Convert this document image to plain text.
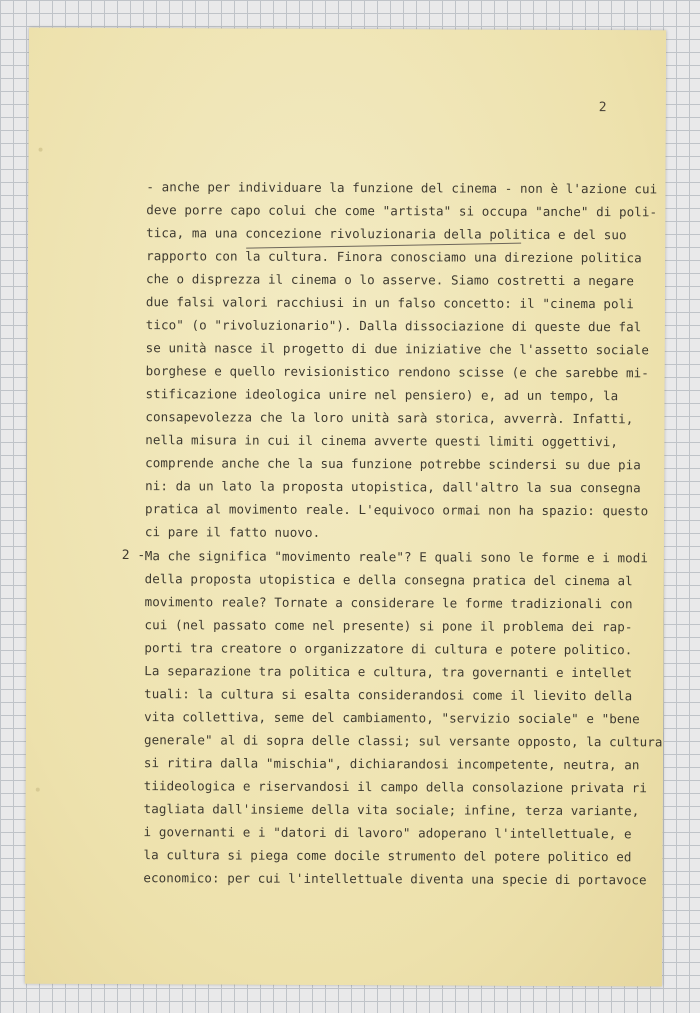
2
- anche per individuare la funzione del cinema - non è l'azione cui
deve porre capo colui che come "artista" si occupa "anche" di poli-
tica, ma una concezione rivoluzionaria della politica e del suo
rapporto con la cultura. Finora conosciamo una direzione politica
che o disprezza il cinema o lo asserve. Siamo costretti a negare
due falsi valori racchiusi in un falso concetto: il "cinema poli
tico" (o "rivoluzionario"). Dalla dissociazione di queste due fal
se unità nasce il progetto di due iniziative che l'assetto sociale
borghese e quello revisionistico rendono scisse (e che sarebbe mi-
stificazione ideologica unire nel pensiero) e, ad un tempo, la
consapevolezza che la loro unità sarà storica, avverrà. Infatti,
nella misura in cui il cinema avverte questi limiti oggettivi,
comprende anche che la sua funzione potrebbe scindersi su due pia
ni: da un lato la proposta utopistica, dall'altro la sua consegna
pratica al movimento reale. L'equivoco ormai non ha spazio: questo
ci pare il fatto nuovo.
2 - Ma che significa "movimento reale"? E quali sono le forme e i modi
della proposta utopistica e della consegna pratica del cinema al
movimento reale? Tornate a considerare le forme tradizionali con
cui (nel passato come nel presente) si pone il problema dei rap-
porti tra creatore o organizzatore di cultura e potere politico.
La separazione tra politica e cultura, tra governanti e intellet
tuali: la cultura si esalta considerandosi come il lievito della
vita collettiva, seme del cambiamento, "servizio sociale" e "bene
generale" al di sopra delle classi; sul versante opposto, la cultura
si ritira dalla "mischia", dichiarandosi incompetente, neutra, an
tiideologica e riservandosi il campo della consolazione privata ri
tagliata dall'insieme della vita sociale; infine, terza variante,
i governanti e i "datori di lavoro" adoperano l'intellettuale, e
la cultura si piega come docile strumento del potere politico ed
economico: per cui l'intellettuale diventa una specie di portavoce
